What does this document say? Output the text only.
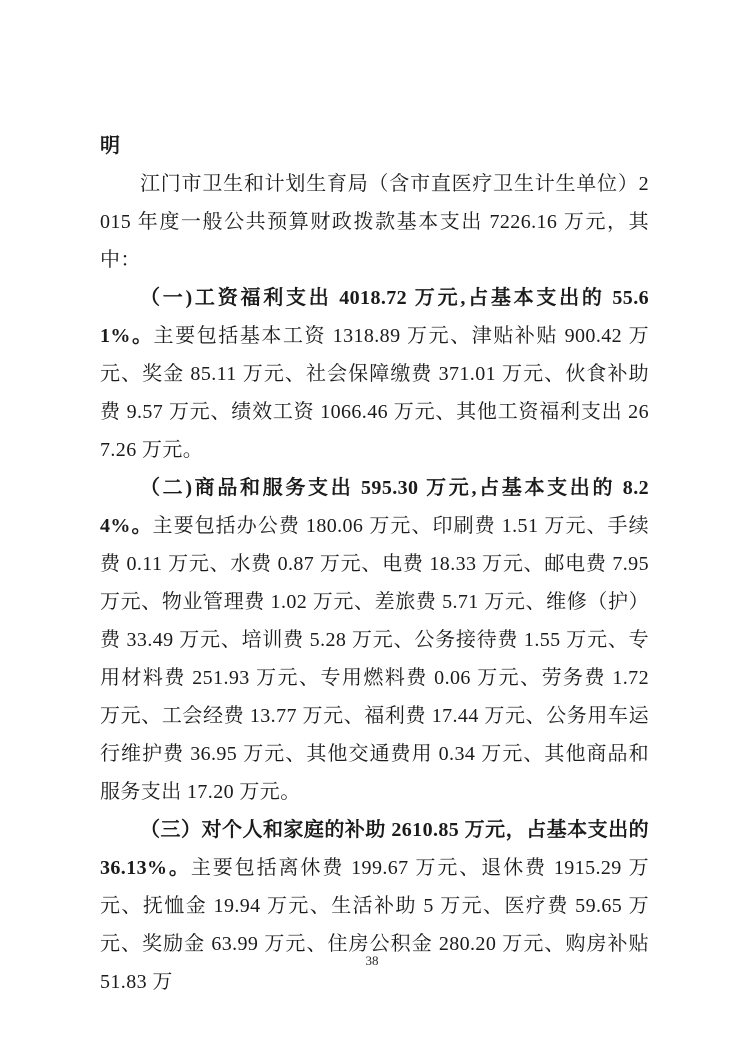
明

江门市卫生和计划生育局（含市直医疗卫生计生单位）2015 年度一般公共预算财政拨款基本支出 7226.16 万元，其中：

（一)工资福利支出 4018.72 万元,占基本支出的 55.61%。主要包括基本工资 1318.89 万元、津贴补贴 900.42 万元、奖金 85.11 万元、社会保障缴费 371.01 万元、伙食补助费 9.57 万元、绩效工资 1066.46 万元、其他工资福利支出 267.26 万元。

（二)商品和服务支出 595.30 万元,占基本支出的 8.24%。主要包括办公费 180.06 万元、印刷费 1.51 万元、手续费 0.11 万元、水费 0.87 万元、电费 18.33 万元、邮电费 7.95 万元、物业管理费 1.02 万元、差旅费 5.71 万元、维修（护）费 33.49 万元、培训费 5.28 万元、公务接待费 1.55 万元、专用材料费 251.93 万元、专用燃料费 0.06 万元、劳务费 1.72 万元、工会经费 13.77 万元、福利费 17.44 万元、公务用车运行维护费 36.95 万元、其他交通费用 0.34 万元、其他商品和服务支出 17.20 万元。

（三）对个人和家庭的补助 2610.85 万元，占基本支出的 36.13%。主要包括离休费 199.67 万元、退休费 1915.29 万元、抚恤金 19.94 万元、生活补助 5 万元、医疗费 59.65 万元、奖励金 63.99 万元、住房公积金 280.20 万元、购房补贴 51.83 万

38
